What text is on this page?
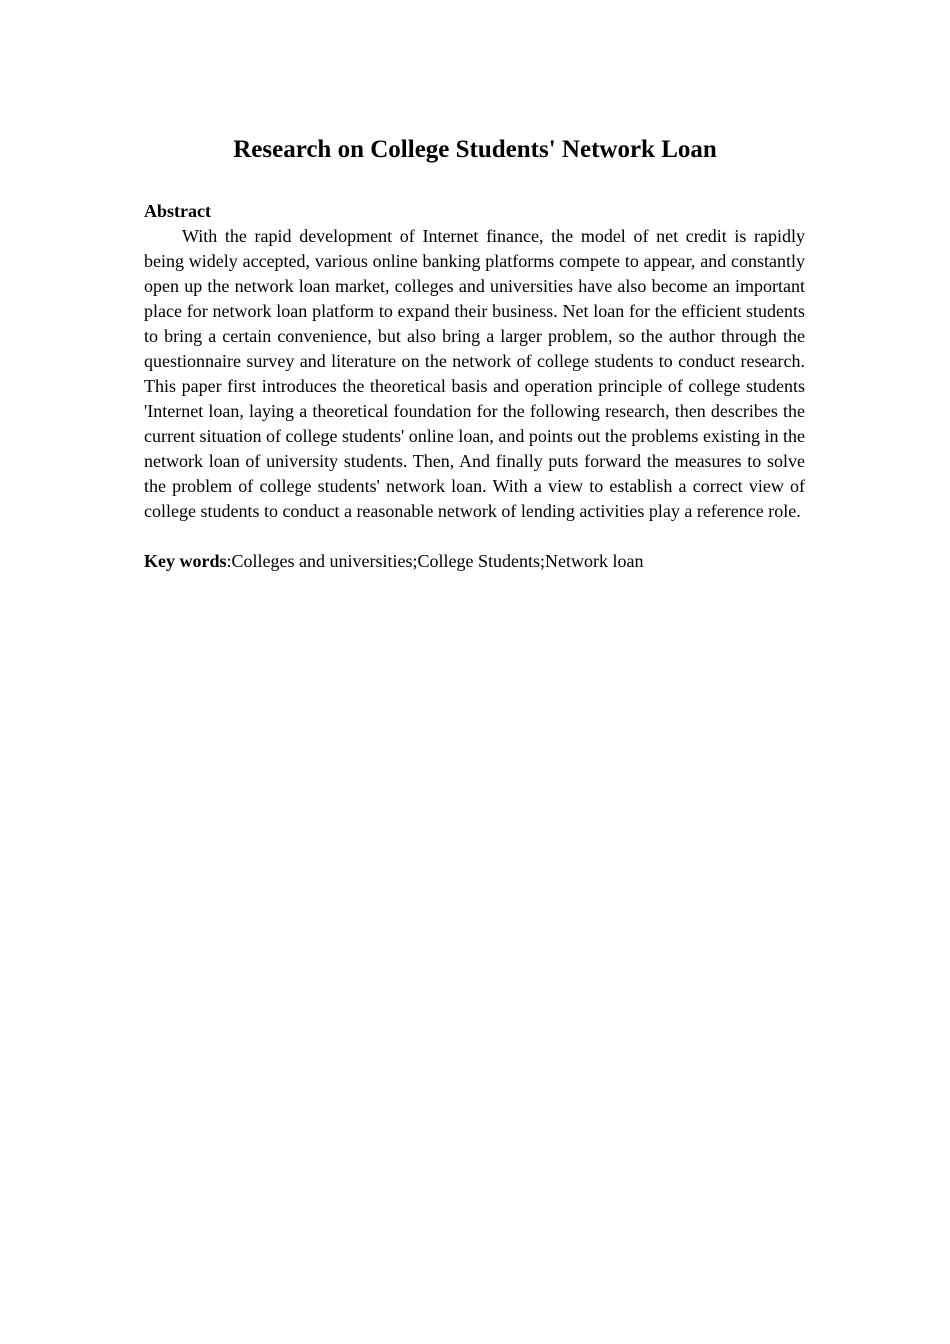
Research on College Students' Network Loan

Abstract

With the rapid development of Internet finance, the model of net credit is rapidly being widely accepted, various online banking platforms compete to appear, and constantly open up the network loan market, colleges and universities have also become an important place for network loan platform to expand their business. Net loan for the efficient students to bring a certain convenience, but also bring a larger problem, so the author through the questionnaire survey and literature on the network of college students to conduct research. This paper first introduces the theoretical basis and operation principle of college students 'Internet loan, laying a theoretical foundation for the following research, then describes the current situation of college students' online loan, and points out the problems existing in the network loan of university students. Then, And finally puts forward the measures to solve the problem of college students' network loan. With a view to establish a correct view of college students to conduct a reasonable network of lending activities play a reference role.

Key words:Colleges and universities;College Students;Network loan
